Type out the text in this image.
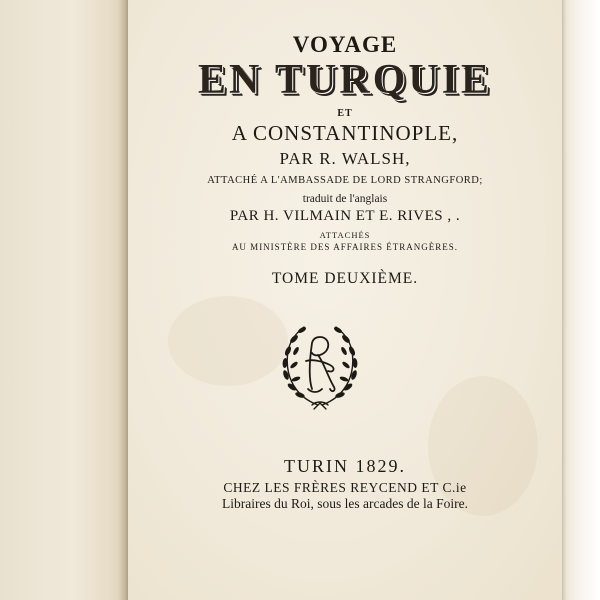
VOYAGE
EN TURQUIE
ET
A CONSTANTINOPLE,
PAR R. WALSH,
ATTACHÉ A L'AMBASSADE DE LORD STRANGFORD;
traduit de l'anglais
PAR H. VILMAIN ET E. RIVES , .
ATTACHÉS
AU MINISTÈRE DES AFFAIRES ÉTRANGÈRES.
TOME DEUXIÈME.
TURIN 1829.
CHEZ LES FRÈRES REYCEND ET C.ie
Libraires du Roi, sous les arcades de la Foire.
